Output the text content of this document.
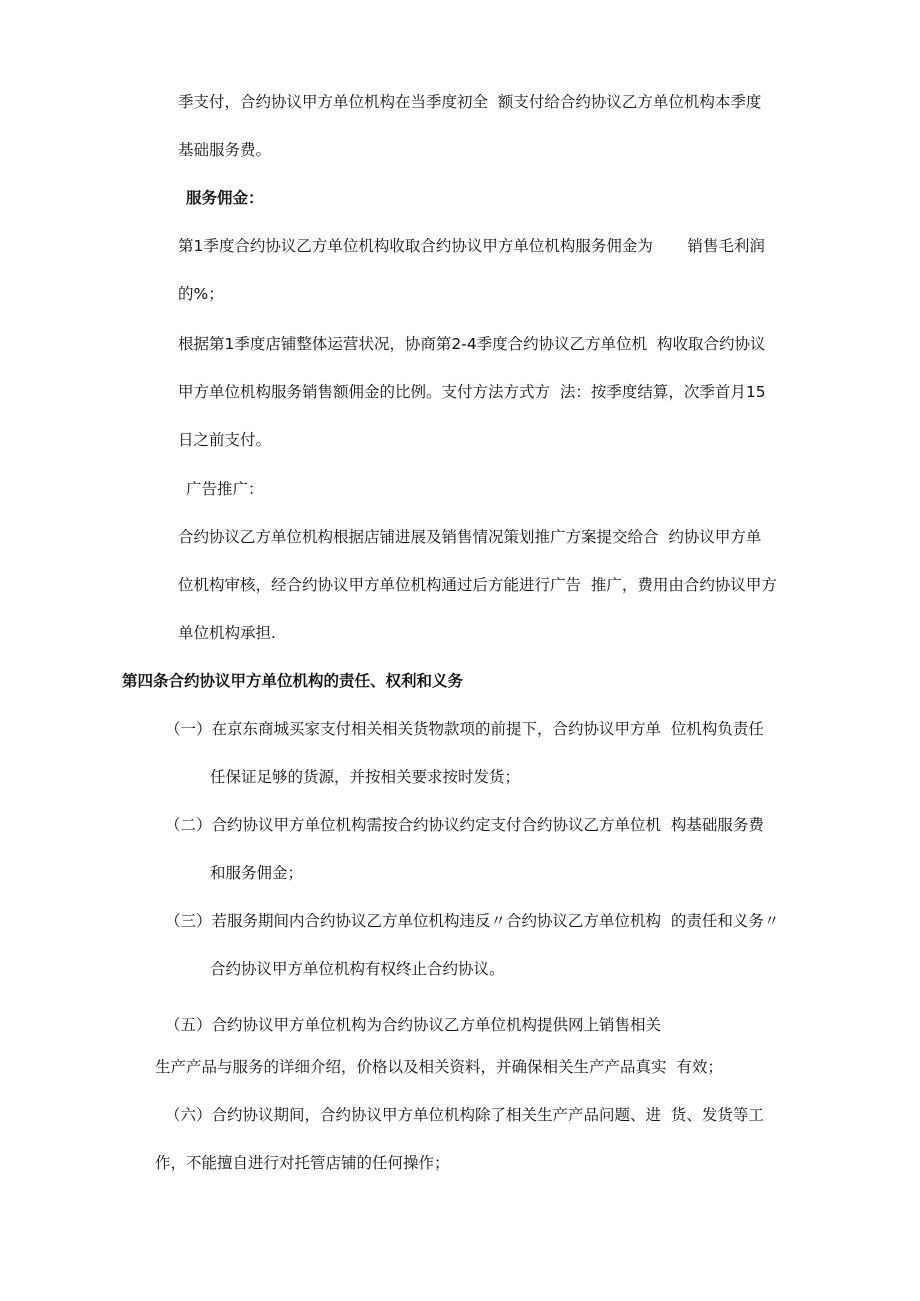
季支付，合约协议甲方单位机构在当季度初全  额支付给合约协议乙方单位机构本季度
基础服务费。
服务佣金：
第1季度合约协议乙方单位机构收取合约协议甲方单位机构服务佣金为       销售毛利润
的%；
根据第1季度店铺整体运营状况，协商第2-4季度合约协议乙方单位机  构收取合约协议
甲方单位机构服务销售额佣金的比例。支付方法方式方  法：按季度结算，次季首月15
日之前支付。
广告推广：
合约协议乙方单位机构根据店铺进展及销售情况策划推广方案提交给合  约协议甲方单
位机构审核，经合约协议甲方单位机构通过后方能进行广告  推广，费用由合约协议甲方
单位机构承担.
第四条合约协议甲方单位机构的责任、权利和义务
（一）在京东商城买家支付相关相关货物款项的前提下，合约协议甲方单  位机构负责任
任保证足够的货源，并按相关要求按时发货；
（二）合约协议甲方单位机构需按合约协议约定支付合约协议乙方单位机  构基础服务费
和服务佣金；
（三）若服务期间内合约协议乙方单位机构违反〃合约协议乙方单位机构  的责任和义务〃
合约协议甲方单位机构有权终止合约协议。
（五）合约协议甲方单位机构为合约协议乙方单位机构提供网上销售相关
生产产品与服务的详细介绍，价格以及相关资料，并确保相关生产产品真实  有效；
（六）合约协议期间，合约协议甲方单位机构除了相关生产产品问题、进  货、发货等工
作，不能擅自进行对托管店铺的任何操作；
